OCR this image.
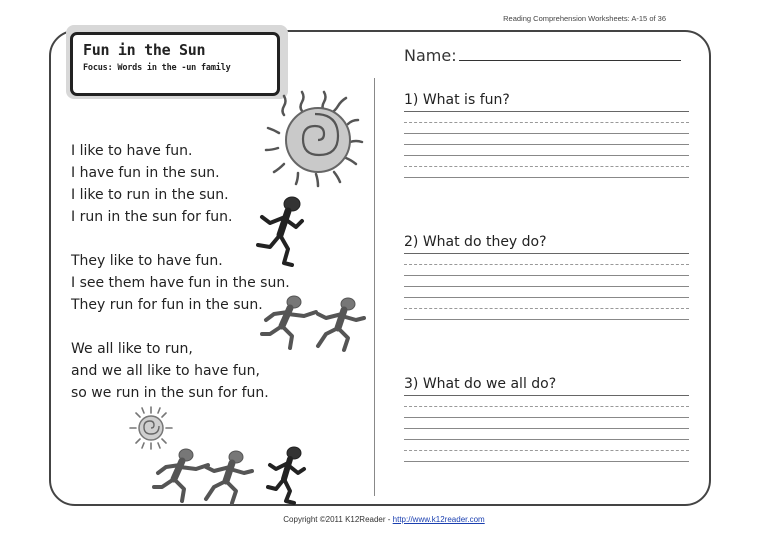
Reading Comprehension Worksheets: A-15 of 36
Fun in the Sun
Focus: Words in the -un family
I like to have fun.
I have fun in the sun.
I like to run in the sun.
I run in the sun for fun.
They like to have fun.
I see them have fun in the sun.
They run for fun in the sun.
We all like to run,
and we all like to have fun,
so we run in the sun for fun.
Name:
1) What is fun?
2) What do they do?
3) What do we all do?
Copyright ©2011 K12Reader - http://www.k12reader.com
